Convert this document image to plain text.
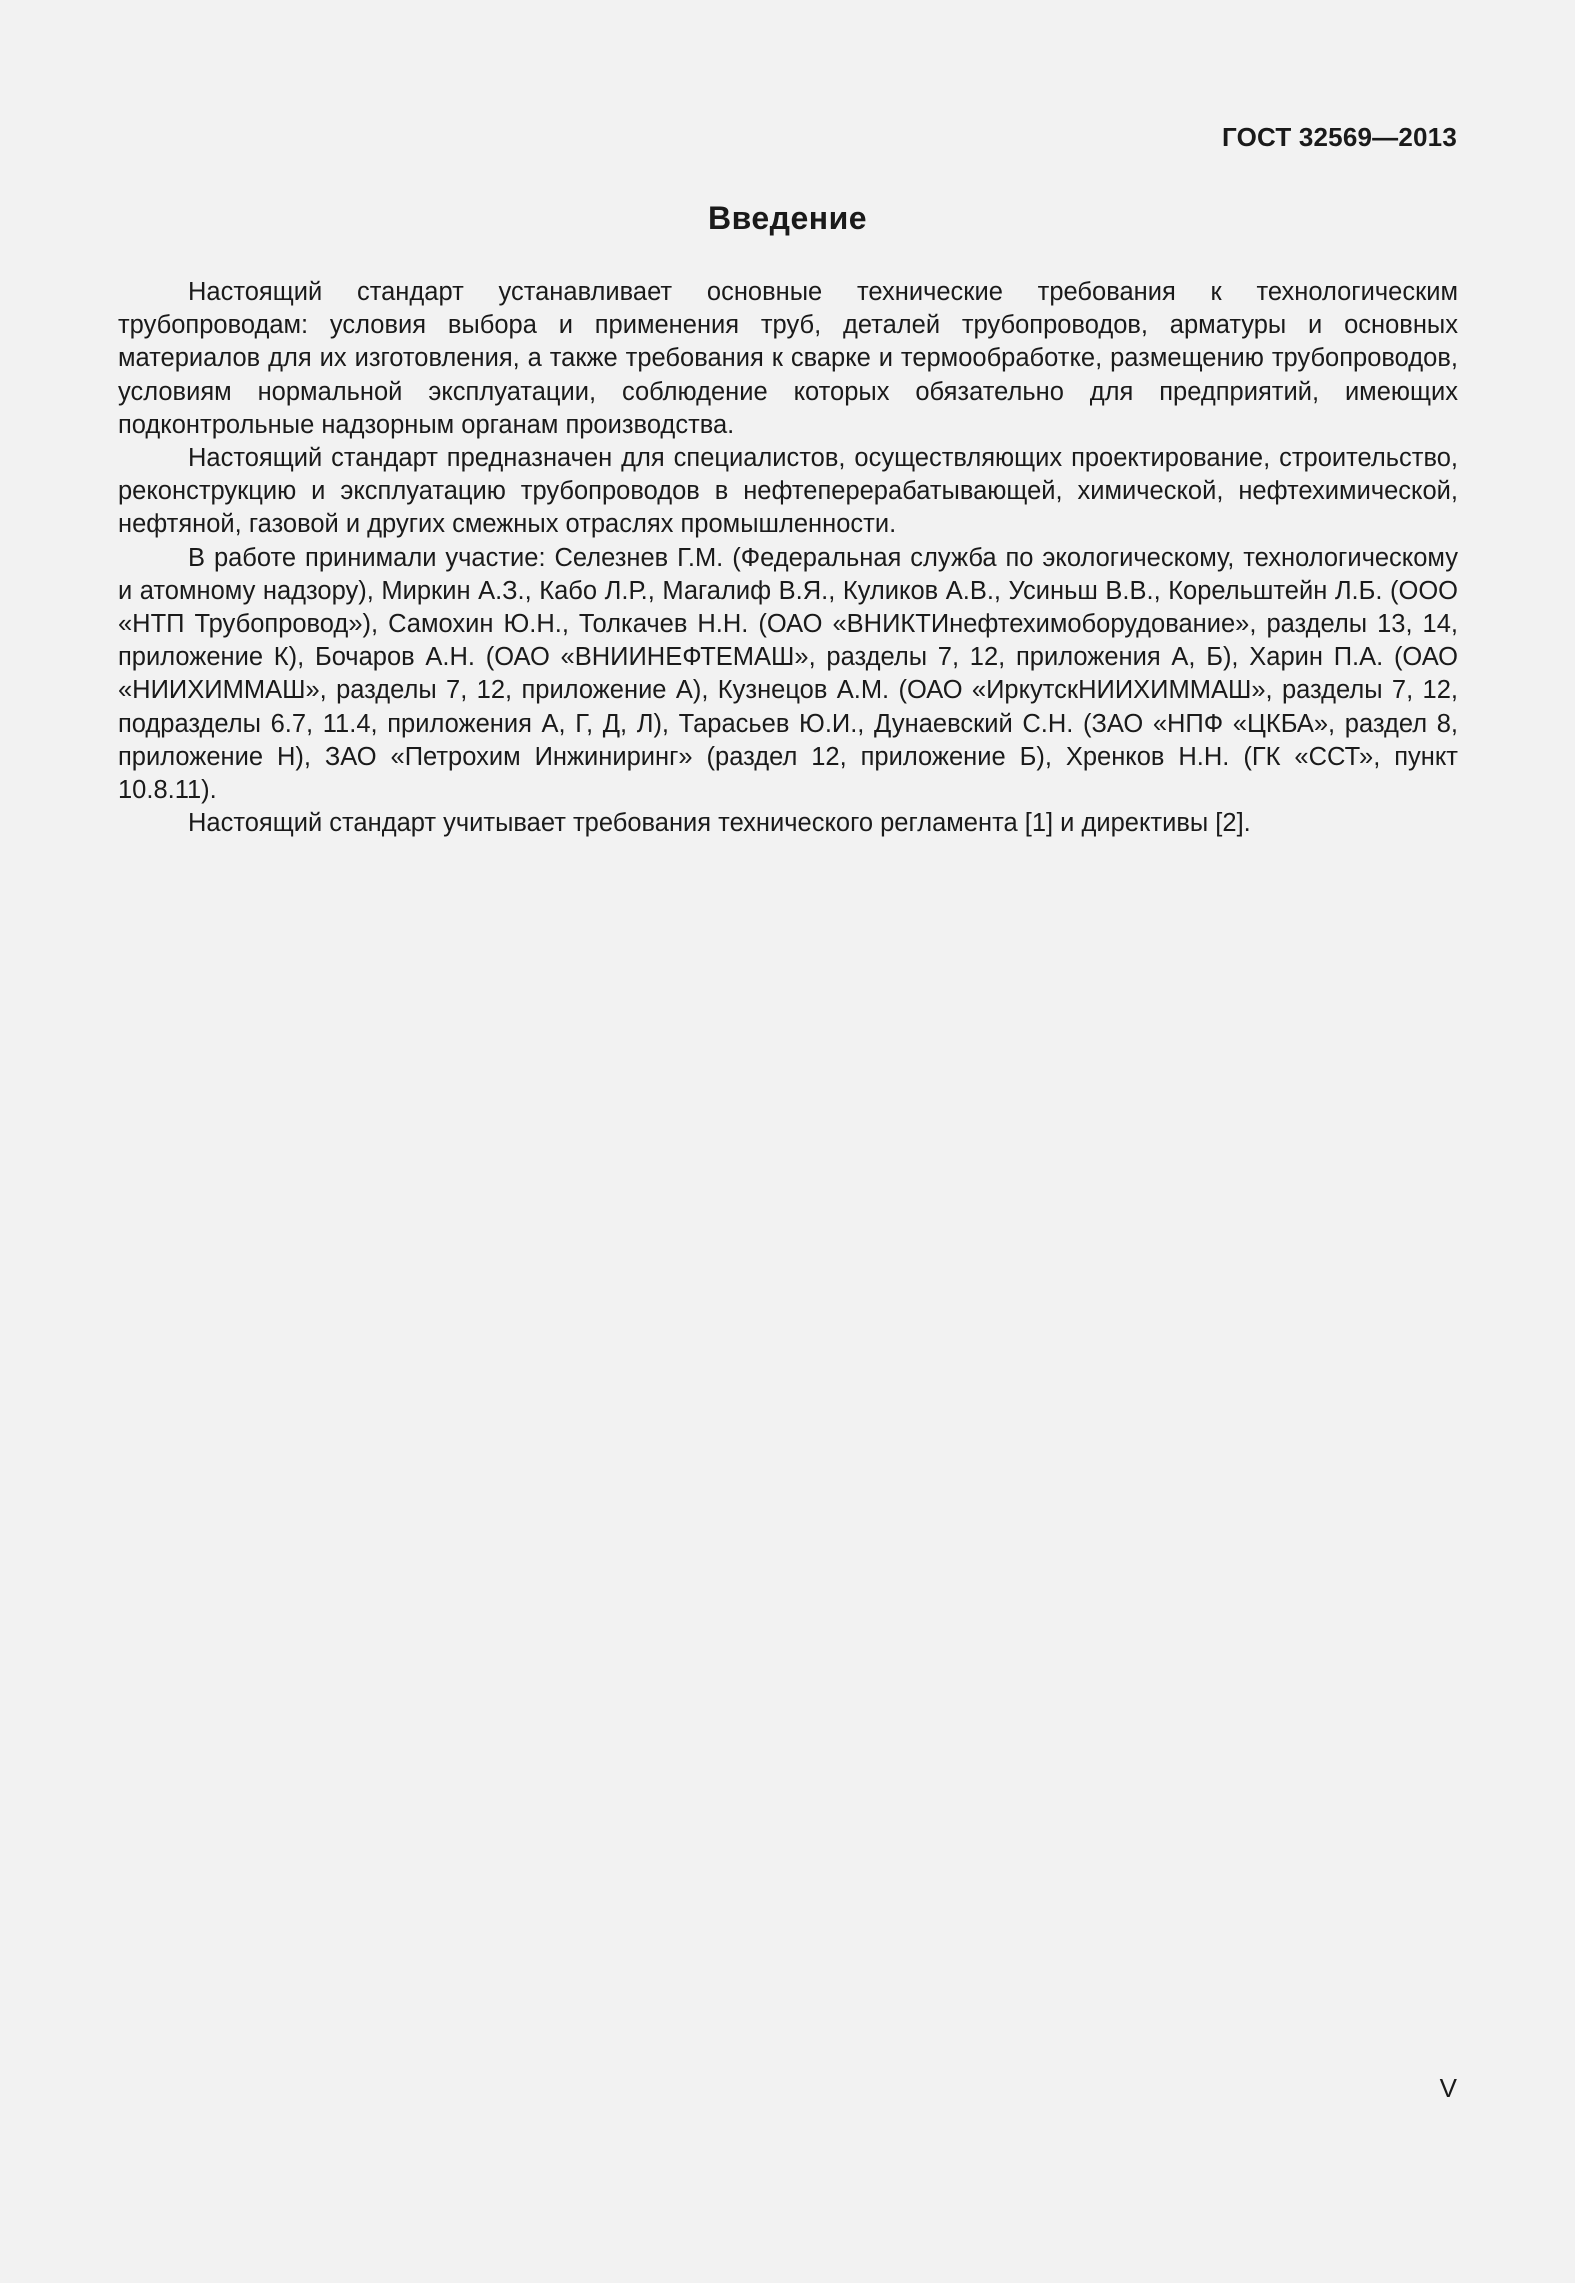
ГОСТ 32569—2013
Введение

Настоящий стандарт устанавливает основные технические требования к технологическим трубопроводам: условия выбора и применения труб, деталей трубопроводов, арматуры и основных материалов для их изготовления, а также требования к сварке и термообработке, размещению трубопроводов, условиям нормальной эксплуатации, соблюдение которых обязательно для предприятий, имеющих подконтрольные надзорным органам производства.

Настоящий стандарт предназначен для специалистов, осуществляющих проектирование, строительство, реконструкцию и эксплуатацию трубопроводов в нефтеперерабатывающей, химической, нефтехимической, нефтяной, газовой и других смежных отраслях промышленности.

В работе принимали участие: Селезнев Г.М. (Федеральная служба по экологическому, технологическому и атомному надзору), Миркин А.З., Кабо Л.Р., Магалиф В.Я., Куликов А.В., Усиньш В.В., Корельштейн Л.Б. (ООО «НТП Трубопровод»), Самохин Ю.Н., Толкачев Н.Н. (ОАО «ВНИКТИнефтехимоборудование», разделы 13, 14, приложение К), Бочаров А.Н. (ОАО «ВНИИНЕФТЕМАШ», разделы 7, 12, приложения А, Б), Харин П.А. (ОАО «НИИХИММАШ», разделы 7, 12, приложение А), Кузнецов А.М. (ОАО «ИркутскНИИХИММАШ», разделы 7, 12, подразделы 6.7, 11.4, приложения А, Г, Д, Л), Тарасьев Ю.И., Дунаевский С.Н. (ЗАО «НПФ «ЦКБА», раздел 8, приложение Н), ЗАО «Петрохим Инжиниринг» (раздел 12, приложение Б), Хренков Н.Н. (ГК «ССТ», пункт 10.8.11).

Настоящий стандарт учитывает требования технического регламента [1] и директивы [2].

V
